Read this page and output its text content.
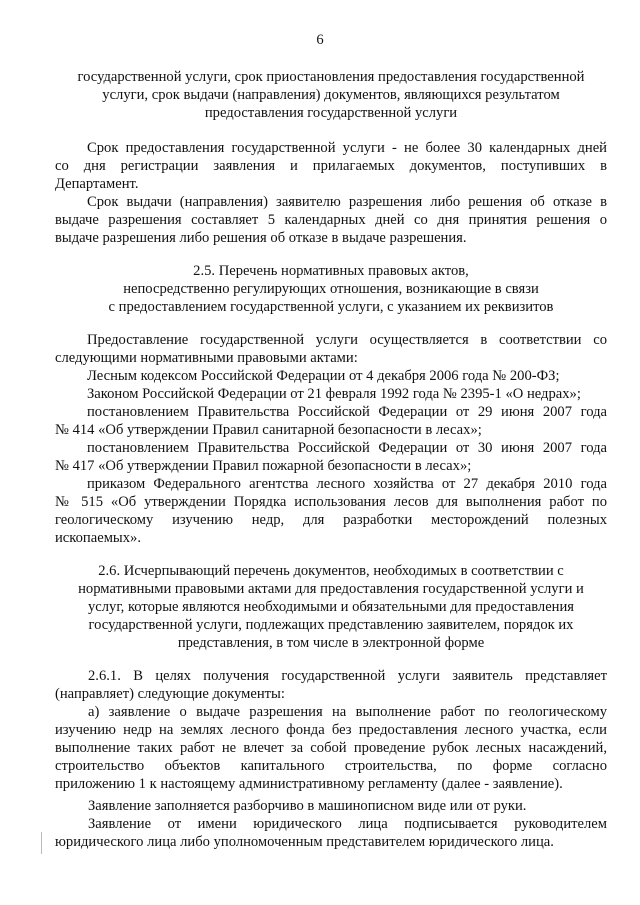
6
государственной услуги, срок приостановления предоставления государственной
услуги, срок выдачи (направления) документов, являющихся результатом
предоставления государственной услуги
Срок предоставления государственной услуги - не более 30 календарных дней
со дня регистрации заявления и прилагаемых документов, поступивших в
Департамент.
Срок выдачи (направления) заявителю разрешения либо решения об отказе в
выдаче разрешения составляет 5 календарных дней со дня принятия решения о
выдаче разрешения либо решения об отказе в выдаче разрешения.
2.5. Перечень нормативных правовых актов,
непосредственно регулирующих отношения, возникающие в связи
с предоставлением государственной услуги, с указанием их реквизитов
Предоставление государственной услуги осуществляется в соответствии со
следующими нормативными правовыми актами:
Лесным кодексом Российской Федерации от 4 декабря 2006 года № 200-ФЗ;
Законом Российской Федерации от 21 февраля 1992 года № 2395-1 «О недрах»;
постановлением Правительства Российской Федерации от 29 июня 2007 года
№ 414 «Об утверждении Правил санитарной безопасности в лесах»;
постановлением Правительства Российской Федерации от 30 июня 2007 года
№ 417 «Об утверждении Правил пожарной безопасности в лесах»;
приказом Федерального агентства лесного хозяйства от 27 декабря 2010 года
№ 515 «Об утверждении Порядка использования лесов для выполнения работ по
геологическому изучению недр, для разработки месторождений полезных
ископаемых».
2.6. Исчерпывающий перечень документов, необходимых в соответствии с
нормативными правовыми актами для предоставления государственной услуги и
услуг, которые являются необходимыми и обязательными для предоставления
государственной услуги, подлежащих представлению заявителем, порядок их
представления, в том числе в электронной форме
2.6.1. В целях получения государственной услуги заявитель представляет
(направляет) следующие документы:
а) заявление о выдаче разрешения на выполнение работ по геологическому
изучению недр на землях лесного фонда без предоставления лесного участка, если
выполнение таких работ не влечет за собой проведение рубок лесных насаждений,
строительство объектов капитального строительства, по форме согласно
приложению 1 к настоящему административному регламенту (далее - заявление).
Заявление заполняется разборчиво в машинописном виде или от руки.
Заявление от имени юридического лица подписывается руководителем
юридического лица либо уполномоченным представителем юридического лица.
